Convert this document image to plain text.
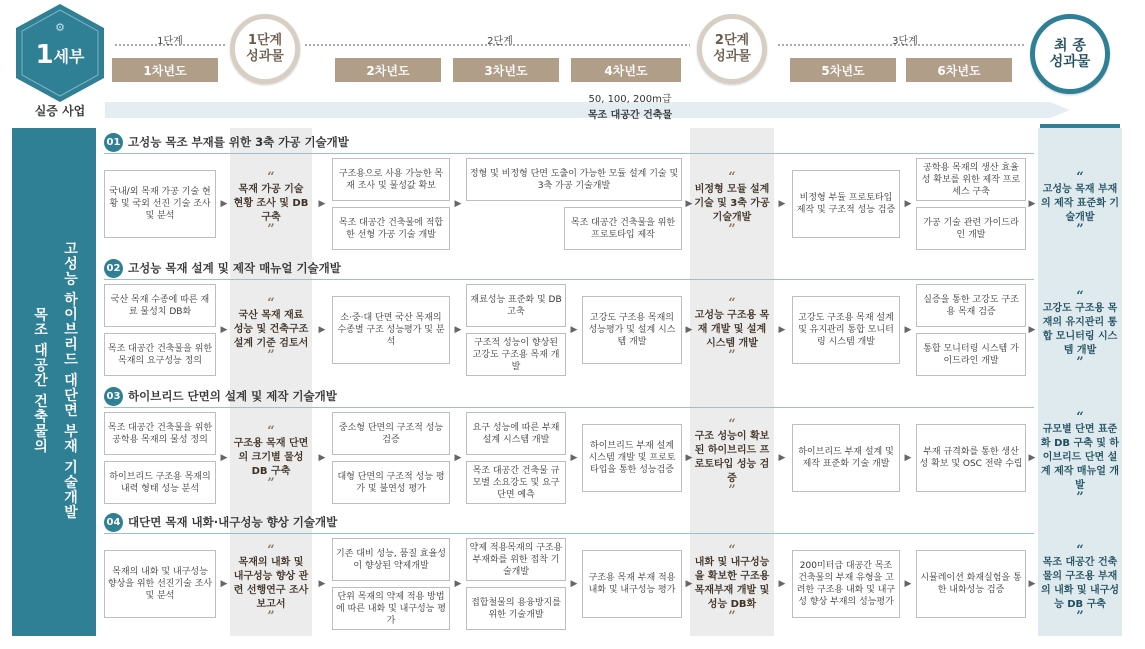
1 세부
⚙
실증 사업
1단계	2단계	3단계
1차년도	2차년도	3차년도	4차년도	5차년도	6차년도
1단계
성과물
2단계
성과물
최 종
성과물
50, 100, 200m급
목조 대공간 건축물
고성능 하이브리드 대단면 부재 기술개발
목조 대공간 건축물의
01 고성능 목조 부재를 위한 3축 가공 기술개발
국내/외 목재 가공 기술 현황 및 국외 선진 기술 조사 및 분석
▶
“
목재 가공 기술 현황 조사 및 DB 구축
”
▶
구조용으로 사용 가능한 목재 조사 및 물성값 확보
목조 대공간 건축물에 적합한 선형 가공 기술 개발
▶
정형 및 비정형 단면 도출이 가능한 모듈 설계 기술 및 3축 가공 기술개발
목조 대공간 건축물을 위한 프로토타입 제작
▶
“
비정형 모듈 설계기술 및 3축 가공 기술개발
”
▶
비정형 부듈 프로토타입 제작 및 구조적 성능 검증
▶
공학용 목재의 생산 효율성 확보를 위한 제작 프로세스 구축
가공 기술 관련 가이드라인 개발
▶
“
고성능 목재 부재의 제작 표준화 기술개발
”
02 고성능 목재 설계 및 제작 매뉴얼 기술개발
국산 목재 수종에 따른 재료 물성치 DB화
목조 대공간 건축물을 위한 목재의 요구성능 정의
▶
“
국산 목재 재료 성능 및 건축구조설계 기준 검토서
”
▶
소·중·대 단면 국산 목재의 수종별 구조 성능평가 및 분석
▶
재료성능 표준화 및 DB 고축
구조적 성능이 향상된 고강도 구조용 목재 개발
▶
고강도 구조용 목재의 성능평가 및 설계 시스템 개발
▶
“
고성능 구조용 목재 개발 및 설계 시스템 개발
”
▶
고강도 구조용 목재 설계 및 유지관리 통합 모니터링 시스템 개발
▶
실증을 통한 고강도 구조용 목재 검증
통합 모니터링 시스템 가이드라인 개발
▶
“
고강도 구조용 목재의 유지관리 통합 모니터링 시스템 개발
”
03 하이브리드 단면의 설계 및 제작 기술개발
목조 대공간 건축물을 위한 공학용 목재의 물성 정의
하이브리드 구조용 목재의 내력 형태 성능 분석
▶
“
구조용 목재 단면의 크기별 물성 DB 구축
”
▶
중소형 단면의 구조적 성능 검증
대형 단면의 구조적 성능 평가 및 불연성 평가
▶
요구 성능에 따른 부재 설계 시스템 개발
목조 대공간 건축물 규모별 소요강도 및 요구 단면 예측
▶
하이브리드 부재 설계 시스템 개발 및 프로토타입을 통한 성능검증
▶
“
구조 성능이 확보된 하이브리드 프로토타입 성능 검증
”
▶
하이브리드 부재 설계 및 제작 표준화 기술 개발
▶
부재 규격화를 통한 생산성 확보 및 OSC 전략 수립
▶
“
규모별 단면 표준화 DB 구축 및 하이브리드 단면 설계 제작 매뉴얼 개발
”
04 대단면 목재 내화·내구성능 향상 기술개발
목재의 내화 및 내구성능 향상을 위한 선진기술 조사 및 분석
▶
“
목재의 내화 및 내구성능 향상 관련 선행연구 조사 보고서
”
▶
기존 대비 성능, 품질 효율성이 향상된 약제개발
단위 목재의 약제 적용 방법에 따른 내화 및 내구성능 평가
▶
약제 적용목재의 구조용 부재화를 위한 접착 기술개발
접합철물의 용융방지를 위한 기술개발
▶
구조용 목재 부재 적용 내화 및 내구성능 평가
▶
“
내화 및 내구성능을 확보한 구조용 목재부재 개발 및 성능 DB화
”
▶
200미터급 대공간 목조 건축물의 부재 유형을 고려한 구조용 내화 및 내구성 향상 부재의 성능평가
▶
시뮬레이션 화재실험을 통한 내화성능 검증
▶
“
목조 대공간 건축물의 구조용 부재의 내화 및 내구성능 DB 구축
”
